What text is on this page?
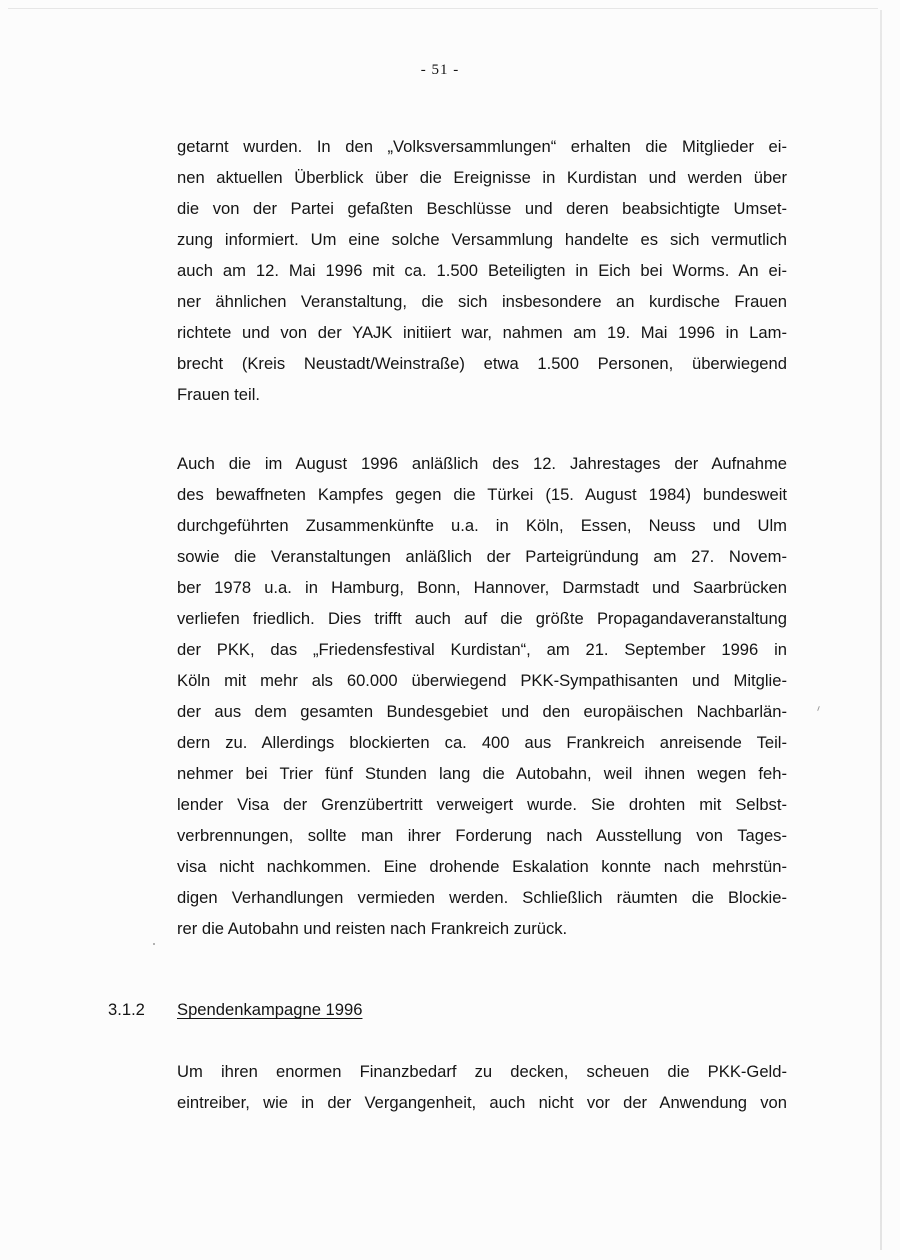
- 51 -
getarnt wurden. In den „Volksversammlungen“ erhalten die Mitglieder ei-
nen aktuellen Überblick über die Ereignisse in Kurdistan und werden über
die von der Partei gefaßten Beschlüsse und deren beabsichtigte Umset-
zung informiert. Um eine solche Versammlung handelte es sich vermutlich
auch am 12. Mai 1996 mit ca. 1.500 Beteiligten in Eich bei Worms. An ei-
ner ähnlichen Veranstaltung, die sich insbesondere an kurdische Frauen
richtete und von der YAJK initiiert war, nahmen am 19. Mai 1996 in Lam-
brecht (Kreis Neustadt/Weinstraße) etwa 1.500 Personen, überwiegend
Frauen teil.
Auch die im August 1996 anläßlich des 12. Jahrestages der Aufnahme
des bewaffneten Kampfes gegen die Türkei (15. August 1984) bundesweit
durchgeführten Zusammenkünfte u.a. in Köln, Essen, Neuss und Ulm
sowie die Veranstaltungen anläßlich der Parteigründung am 27. Novem-
ber 1978 u.a. in Hamburg, Bonn, Hannover, Darmstadt und Saarbrücken
verliefen friedlich. Dies trifft auch auf die größte Propagandaveranstaltung
der PKK, das „Friedensfestival Kurdistan“, am 21. September 1996 in
Köln mit mehr als 60.000 überwiegend PKK-Sympathisanten und Mitglie-
der aus dem gesamten Bundesgebiet und den europäischen Nachbarlän-
dern zu. Allerdings blockierten ca. 400 aus Frankreich anreisende Teil-
nehmer bei Trier fünf Stunden lang die Autobahn, weil ihnen wegen feh-
lender Visa der Grenzübertritt verweigert wurde. Sie drohten mit Selbst-
verbrennungen, sollte man ihrer Forderung nach Ausstellung von Tages-
visa nicht nachkommen. Eine drohende Eskalation konnte nach mehrstün-
digen Verhandlungen vermieden werden. Schließlich räumten die Blockie-
rer die Autobahn und reisten nach Frankreich zurück.
3.1.2 Spendenkampagne 1996
Um ihren enormen Finanzbedarf zu decken, scheuen die PKK-Geld-
eintreiber, wie in der Vergangenheit, auch nicht vor der Anwendung von
